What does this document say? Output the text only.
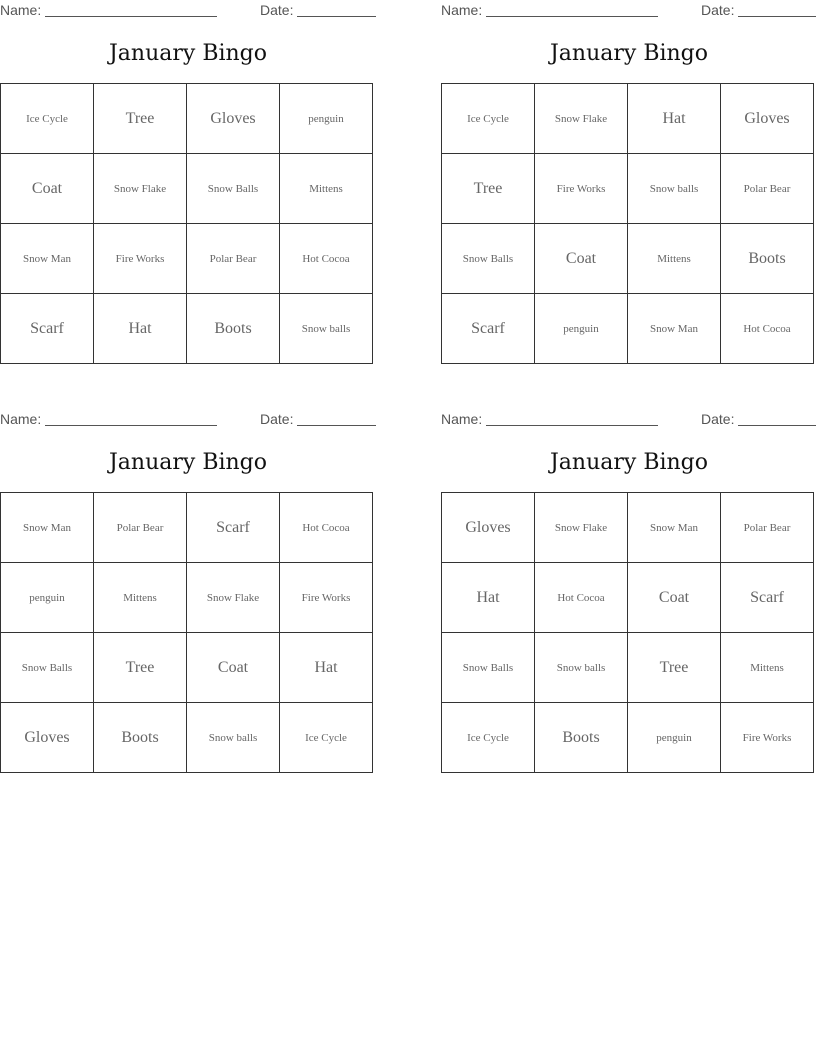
Name:	Date:
January Bingo
Ice Cycle	Tree	Gloves	penguin
Coat	Snow Flake	Snow Balls	Mittens
Snow Man	Fire Works	Polar Bear	Hot Cocoa
Scarf	Hat	Boots	Snow balls
Name:	Date:
January Bingo
Ice Cycle	Snow Flake	Hat	Gloves
Tree	Fire Works	Snow balls	Polar Bear
Snow Balls	Coat	Mittens	Boots
Scarf	penguin	Snow Man	Hot Cocoa
Name:	Date:
January Bingo
Snow Man	Polar Bear	Scarf	Hot Cocoa
penguin	Mittens	Snow Flake	Fire Works
Snow Balls	Tree	Coat	Hat
Gloves	Boots	Snow balls	Ice Cycle
Name:	Date:
January Bingo
Gloves	Snow Flake	Snow Man	Polar Bear
Hat	Hot Cocoa	Coat	Scarf
Snow Balls	Snow balls	Tree	Mittens
Ice Cycle	Boots	penguin	Fire Works
